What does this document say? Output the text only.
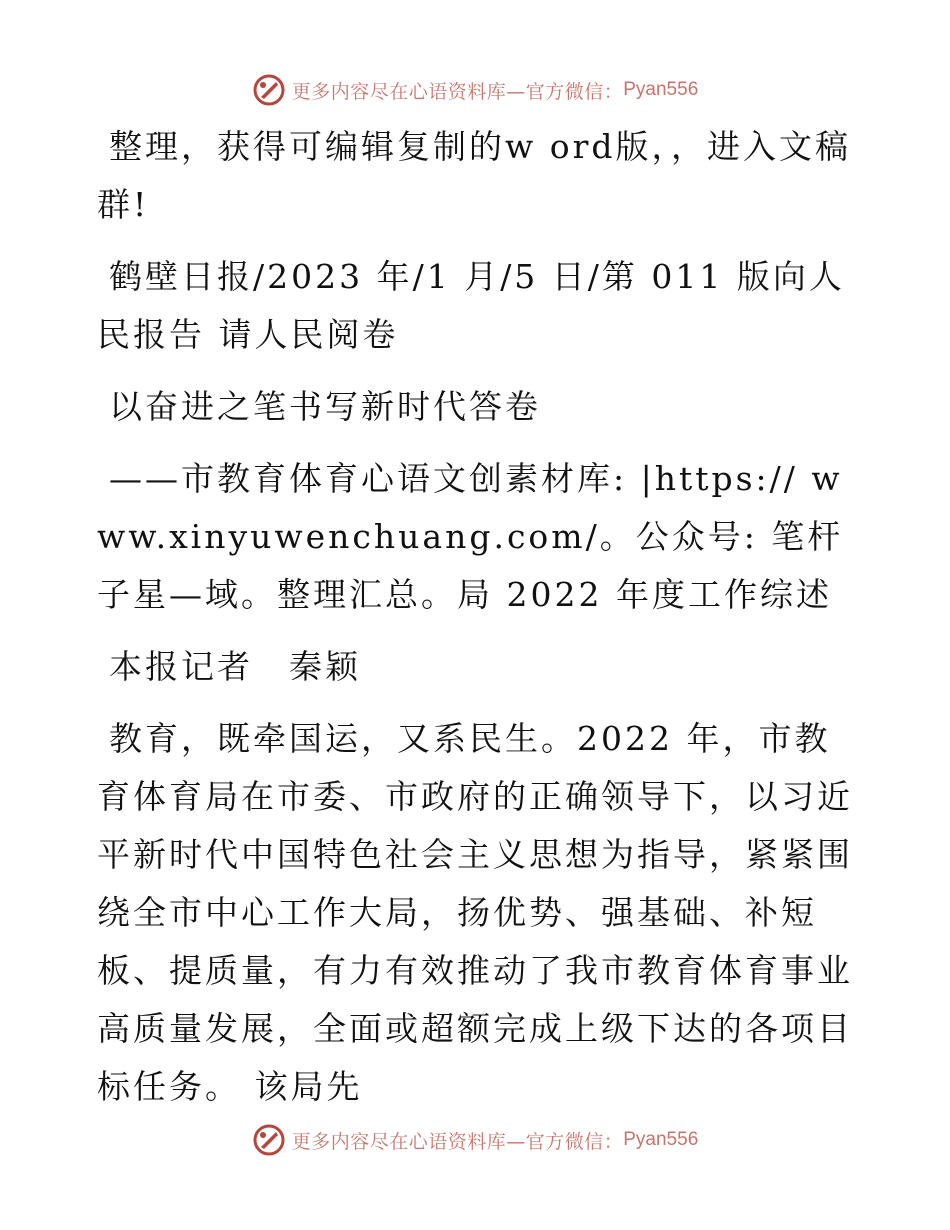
更多内容尽在心语资料库—官方微信： Pyan556

整理，获得可编辑复制的w ord版，，进入文稿群!

鹤壁日报/2023 年/1 月/5 日/第 011 版向人民报告 请人民阅卷

以奋进之笔书写新时代答卷

——市教育体育心语文创素材库: |https:// www.xinyuwenchuang.com/。公众号: 笔杆子星—域。整理汇总。局 2022 年度工作综述

本报记者　秦颖

教育，既牵国运，又系民生。2022 年，市教育体育局在市委、市政府的正确领导下，以习近平新时代中国特色社会主义思想为指导，紧紧围绕全市中心工作大局，扬优势、强基础、补短板、提质量，有力有效推动了我市教育体育事业高质量发展，全面或超额完成上级下达的各项目标任务。 该局先

更多内容尽在心语资料库—官方微信： Pyan556
